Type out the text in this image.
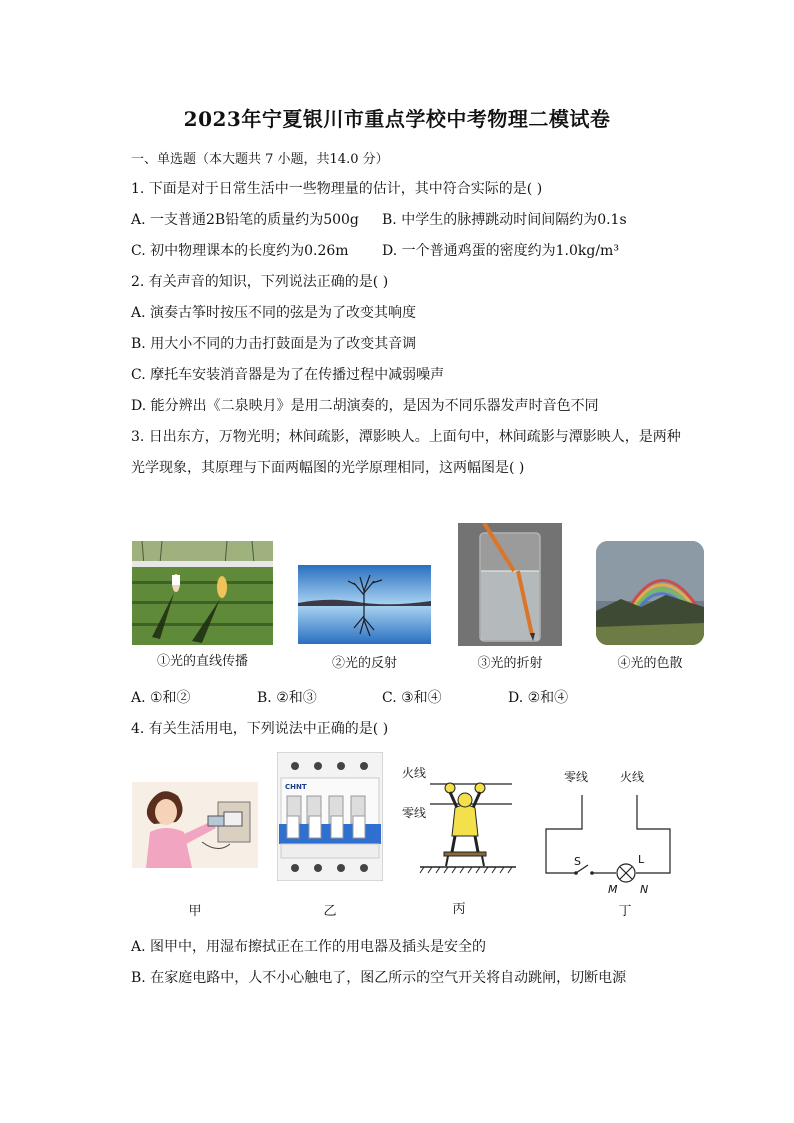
2023年宁夏银川市重点学校中考物理二模试卷
一、单选题（本大题共 7 小题，共14.0 分）
1. 下面是对于日常生活中一些物理量的估计，其中符合实际的是( )
A. 一支普通2B铅笔的质量约为500g B. 中学生的脉搏跳动时间间隔约为0.1s
C. 初中物理课本的长度约为0.26m D. 一个普通鸡蛋的密度约为1.0kg/m³
2. 有关声音的知识，下列说法正确的是( )
A. 演奏古筝时按压不同的弦是为了改变其响度
B. 用大小不同的力击打鼓面是为了改变其音调
C. 摩托车安装消音器是为了在传播过程中减弱噪声
D. 能分辨出《二泉映月》是用二胡演奏的，是因为不同乐器发声时音色不同
3. 日出东方，万物光明；林间疏影，潭影映人。上面句中，林间疏影与潭影映人，是两种
光学现象，其原理与下面两幅图的光学原理相同，这两幅图是( )
①光的直线传播	②光的反射	③光的折射	④光的色散
A. ①和②	B. ②和③	C. ③和④	D. ②和④
4. 有关生活用电，下列说法中正确的是( )
甲
CHNT
乙
火线
零线
丙
零线	火线
S	L
M N
丁
A. 图甲中，用湿布擦拭正在工作的用电器及插头是安全的
B. 在家庭电路中，人不小心触电了，图乙所示的空气开关将自动跳闸，切断电源
